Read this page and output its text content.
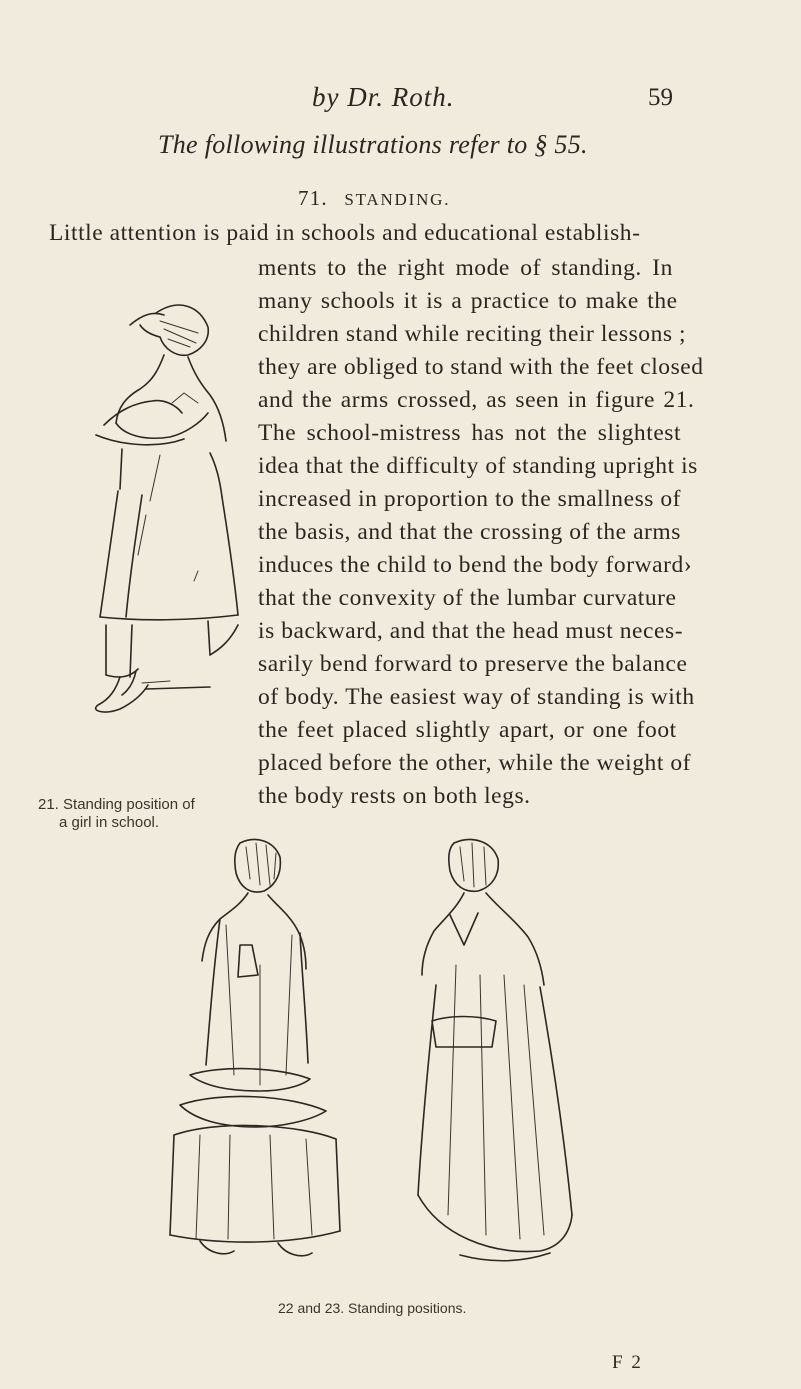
by Dr. Roth.	59
The following illustrations refer to § 55.
71. STANDING.
Little attention is paid in schools and educational establish-
ments to the right mode of standing. In
many schools it is a practice to make the
children stand while reciting their lessons ;
they are obliged to stand with the feet closed
and the arms crossed, as seen in figure 21.
The school-mistress has not the slightest
idea that the difficulty of standing upright is
increased in proportion to the smallness of
the basis, and that the crossing of the arms
induces the child to bend the body forward›
that the convexity of the lumbar curvature
is backward, and that the head must neces-
sarily bend forward to preserve the balance
of body. The easiest way of standing is with
the feet placed slightly apart, or one foot
placed before the other, while the weight of
the body rests on both legs.
21. Standing position of
a girl in school.
22 and 23. Standing positions.
F 2
